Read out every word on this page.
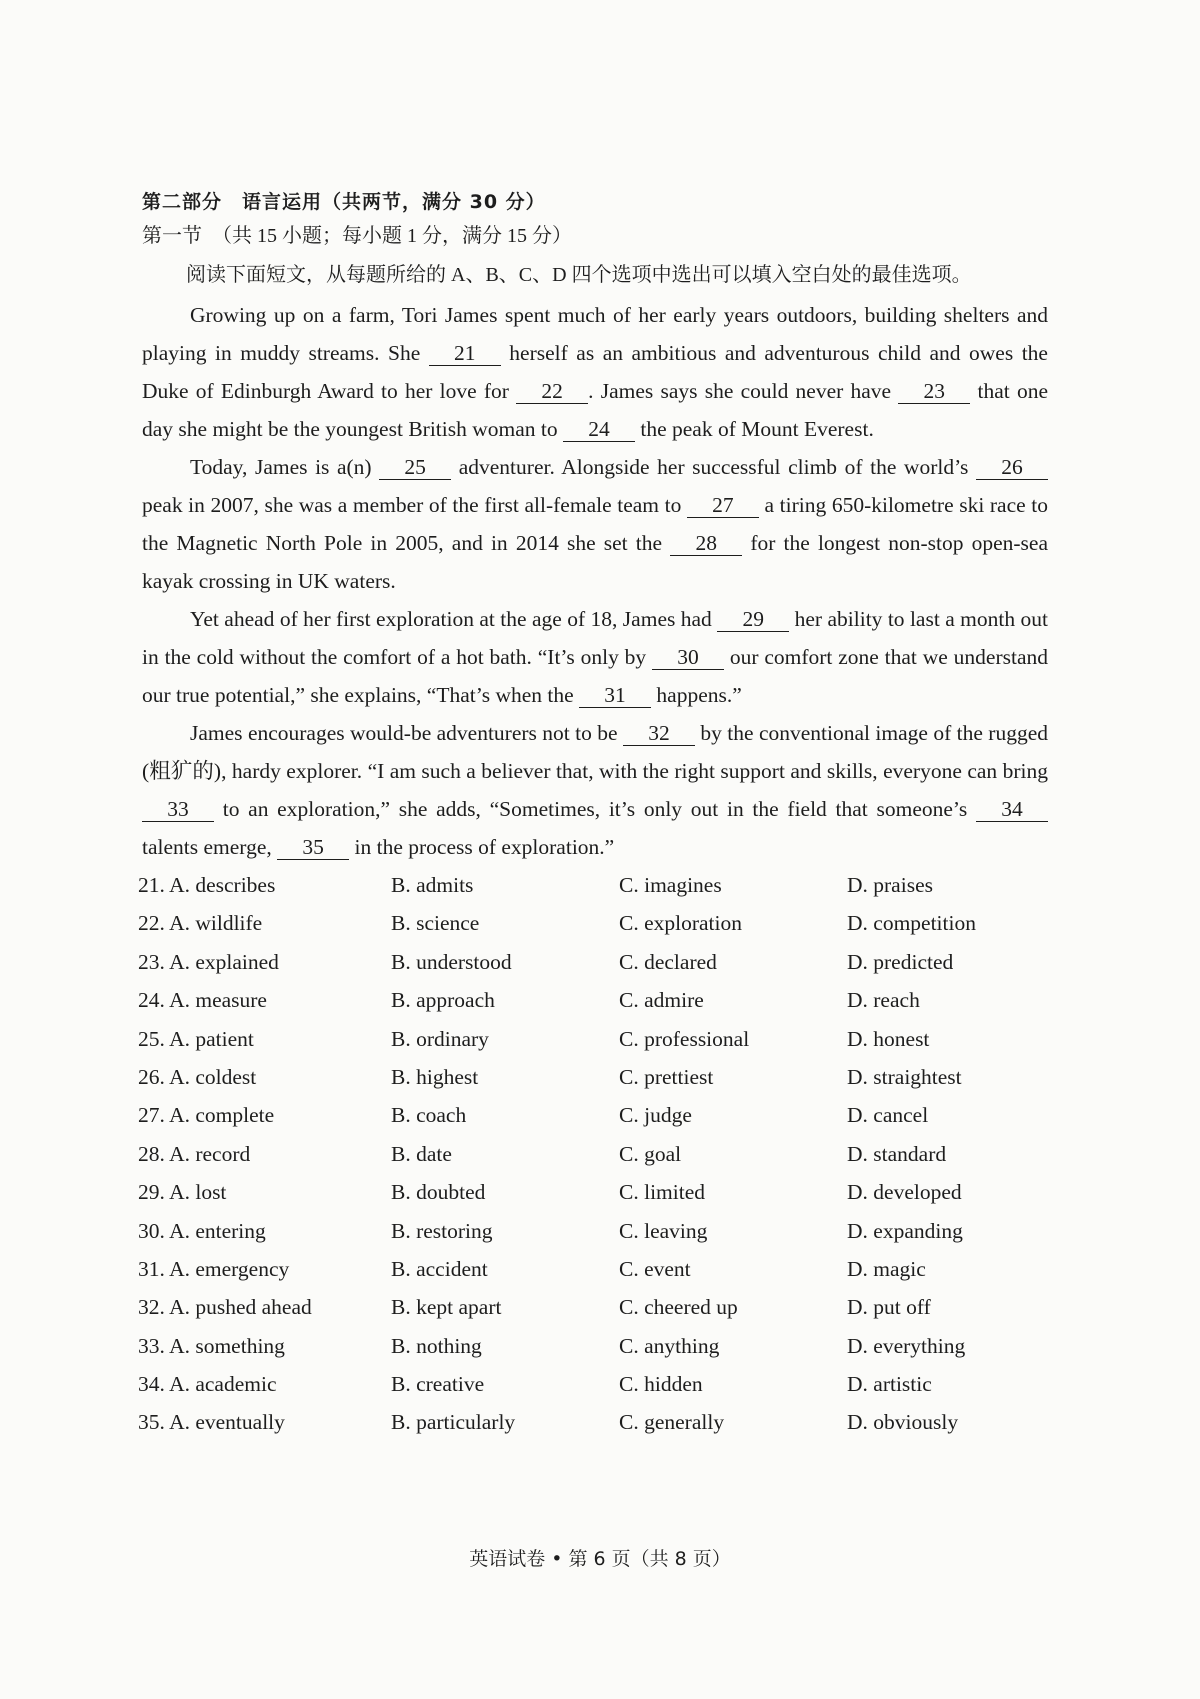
第二部分　语言运用（共两节，满分 30 分）

第一节　（共 15 小题；每小题 1 分，满分 15 分）

阅读下面短文，从每题所给的 A、B、C、D 四个选项中选出可以填入空白处的最佳选项。

Growing up on a farm, Tori James spent much of her early years outdoors, building shelters and playing in muddy streams. She 21 herself as an ambitious and adventurous child and owes the Duke of Edinburgh Award to her love for 22 . James says she could never have 23 that one day she might be the youngest British woman to 24 the peak of Mount Everest.

Today, James is a(n) 25 adventurer. Alongside her successful climb of the world’s 26 peak in 2007, she was a member of the first all-female team to 27 a tiring 650-kilometre ski race to the Magnetic North Pole in 2005, and in 2014 she set the 28 for the longest non-stop open-sea kayak crossing in UK waters.

Yet ahead of her first exploration at the age of 18, James had 29 her ability to last a month out in the cold without the comfort of a hot bath. “It’s only by 30 our comfort zone that we understand our true potential,” she explains, “That’s when the 31 happens.”

James encourages would-be adventurers not to be 32 by the conventional image of the rugged (粗犷的), hardy explorer. “I am such a believer that, with the right support and skills, everyone can bring 33 to an exploration,” she adds, “Sometimes, it’s only out in the field that someone’s 34 talents emerge, 35 in the process of exploration.”

21. A. describes	B. admits	C. imagines	D. praises
22. A. wildlife	B. science	C. exploration	D. competition
23. A. explained	B. understood	C. declared	D. predicted
24. A. measure	B. approach	C. admire	D. reach
25. A. patient	B. ordinary	C. professional	D. honest
26. A. coldest	B. highest	C. prettiest	D. straightest
27. A. complete	B. coach	C. judge	D. cancel
28. A. record	B. date	C. goal	D. standard
29. A. lost	B. doubted	C. limited	D. developed
30. A. entering	B. restoring	C. leaving	D. expanding
31. A. emergency	B. accident	C. event	D. magic
32. A. pushed ahead	B. kept apart	C. cheered up	D. put off
33. A. something	B. nothing	C. anything	D. everything
34. A. academic	B. creative	C. hidden	D. artistic
35. A. eventually	B. particularly	C. generally	D. obviously
英语试卷 • 第 6 页（共 8 页）
